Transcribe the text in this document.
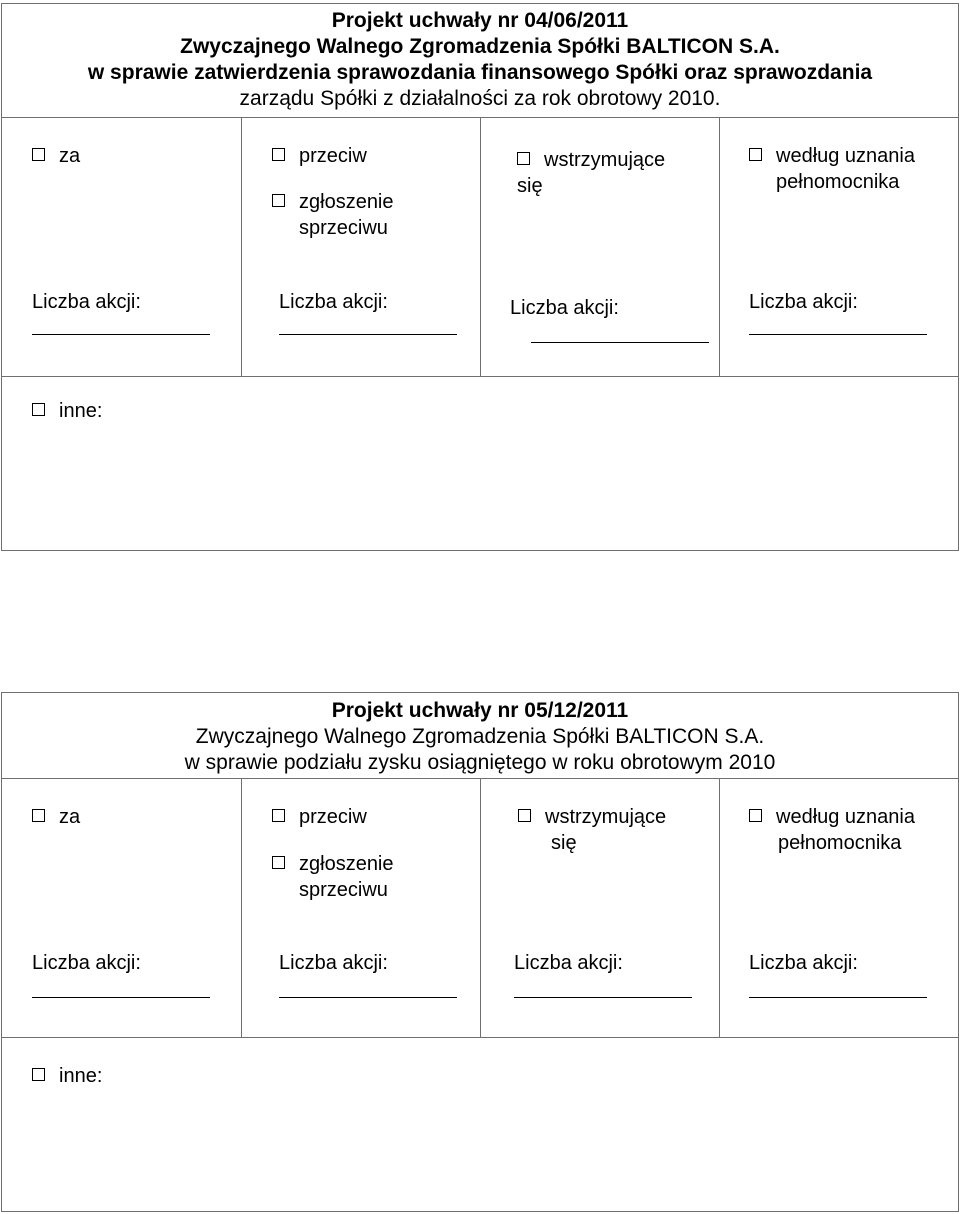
Projekt uchwały nr 04/06/2011
Zwyczajnego Walnego Zgromadzenia Spółki BALTICON S.A.
w sprawie zatwierdzenia sprawozdania finansowego Spółki oraz sprawozdania
zarządu Spółki z działalności za rok obrotowy 2010.
za
Liczba akcji:
przeciw
zgłoszenie
sprzeciwu
Liczba akcji:
wstrzymujące
się
Liczba akcji:
według uznania
pełnomocnika
Liczba akcji:
inne:
Projekt uchwały nr 05/12/2011
Zwyczajnego Walnego Zgromadzenia Spółki BALTICON S.A.
w sprawie podziału zysku osiągniętego w roku obrotowym 2010
za
Liczba akcji:
przeciw
zgłoszenie
sprzeciwu
Liczba akcji:
wstrzymujące
się
Liczba akcji:
według uznania
pełnomocnika
Liczba akcji:
inne:
